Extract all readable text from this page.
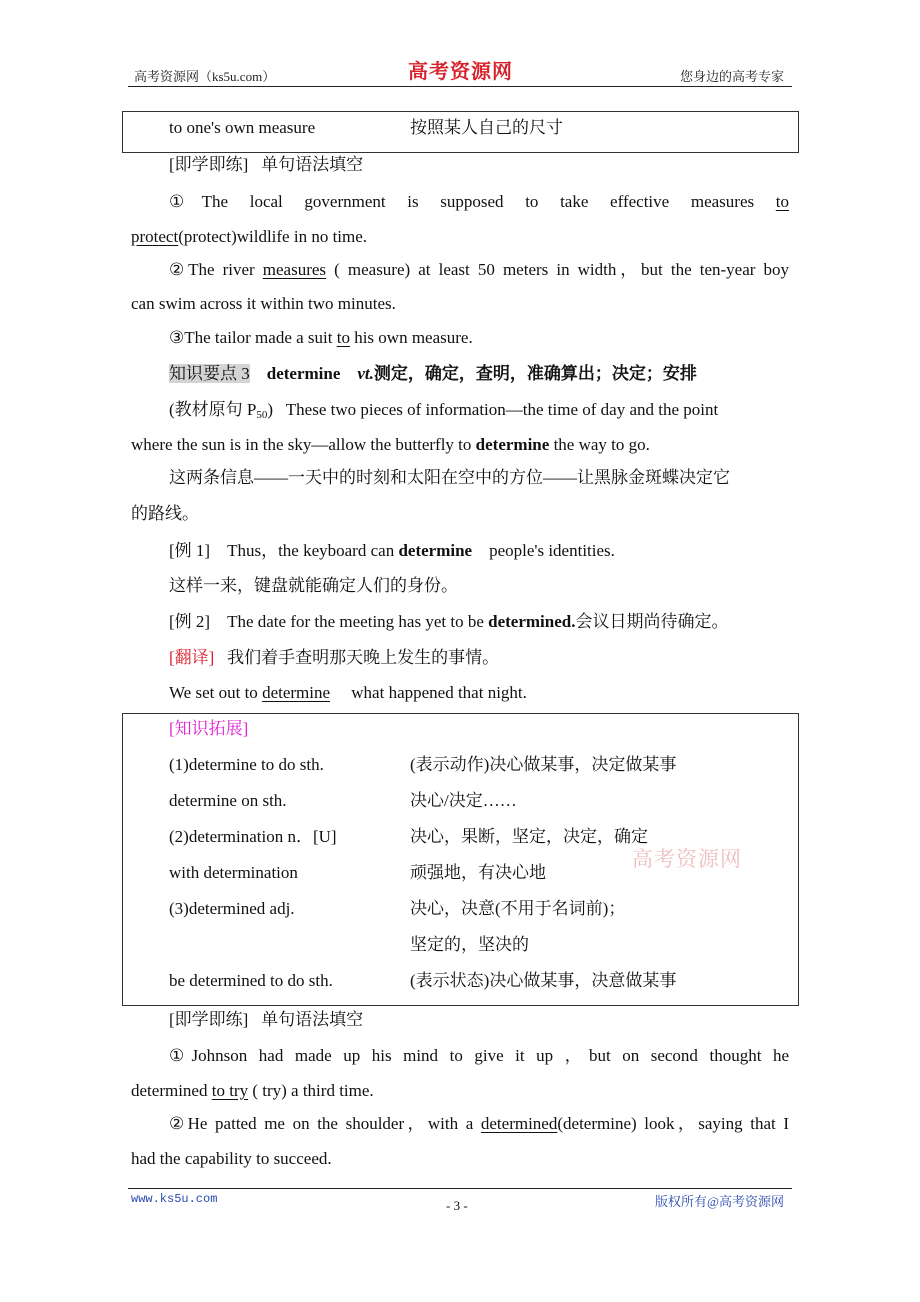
高考资源网（ks5u.com）	高考资源网	您身边的高考专家
to one's own measure	按照某人自己的尺寸
[即学即练] 单句语法填空
①The local government is supposed to take effective measures to
protect(protect)wildlife in no time.
②The river measures ( measure) at least 50 meters in width，but the ten-year boy
can swim across it within two minutes.
③The tailor made a suit to his own measure.
知识要点 3 determine vt.测定，确定，查明，准确算出；决定；安排
(教材原句 $P_{50}$) These two pieces of information—the time of day and the point
where the sun is in the sky—allow the butterfly to determine the way to go.
这两条信息——一天中的时刻和太阳在空中的方位——让黑脉金斑蝶决定它
的路线。
[例 1] Thus，the keyboard can determine    people's identities.
这样一来，键盘就能确定人们的身份。
[例 2] The date for the meeting has yet to be determined.会议日期尚待确定。
[翻译] 我们着手查明那天晚上发生的事情。
We set out to determine     what happened that night.
[知识拓展]
(1)determine to do sth.	(表示动作)决心做某事，决定做某事
determine on sth.	决心/决定……
(2)determination n．[U]	决心，果断，坚定，决定，确定
with determination	顽强地，有决心地
(3)determined adj.	决心，决意(不用于名词前)；
坚定的，坚决的
be determined to do sth.	(表示状态)决心做某事，决意做某事
高考资源网
[即学即练] 单句语法填空
①Johnson had made up his mind to give it up ，but on second thought he
determined to try ( try) a third time.
②He patted me on the shoulder，with a determined(determine) look，saying that I
had the capability to succeed.
www.ks5u.com	- 3 -	版权所有@高考资源网
